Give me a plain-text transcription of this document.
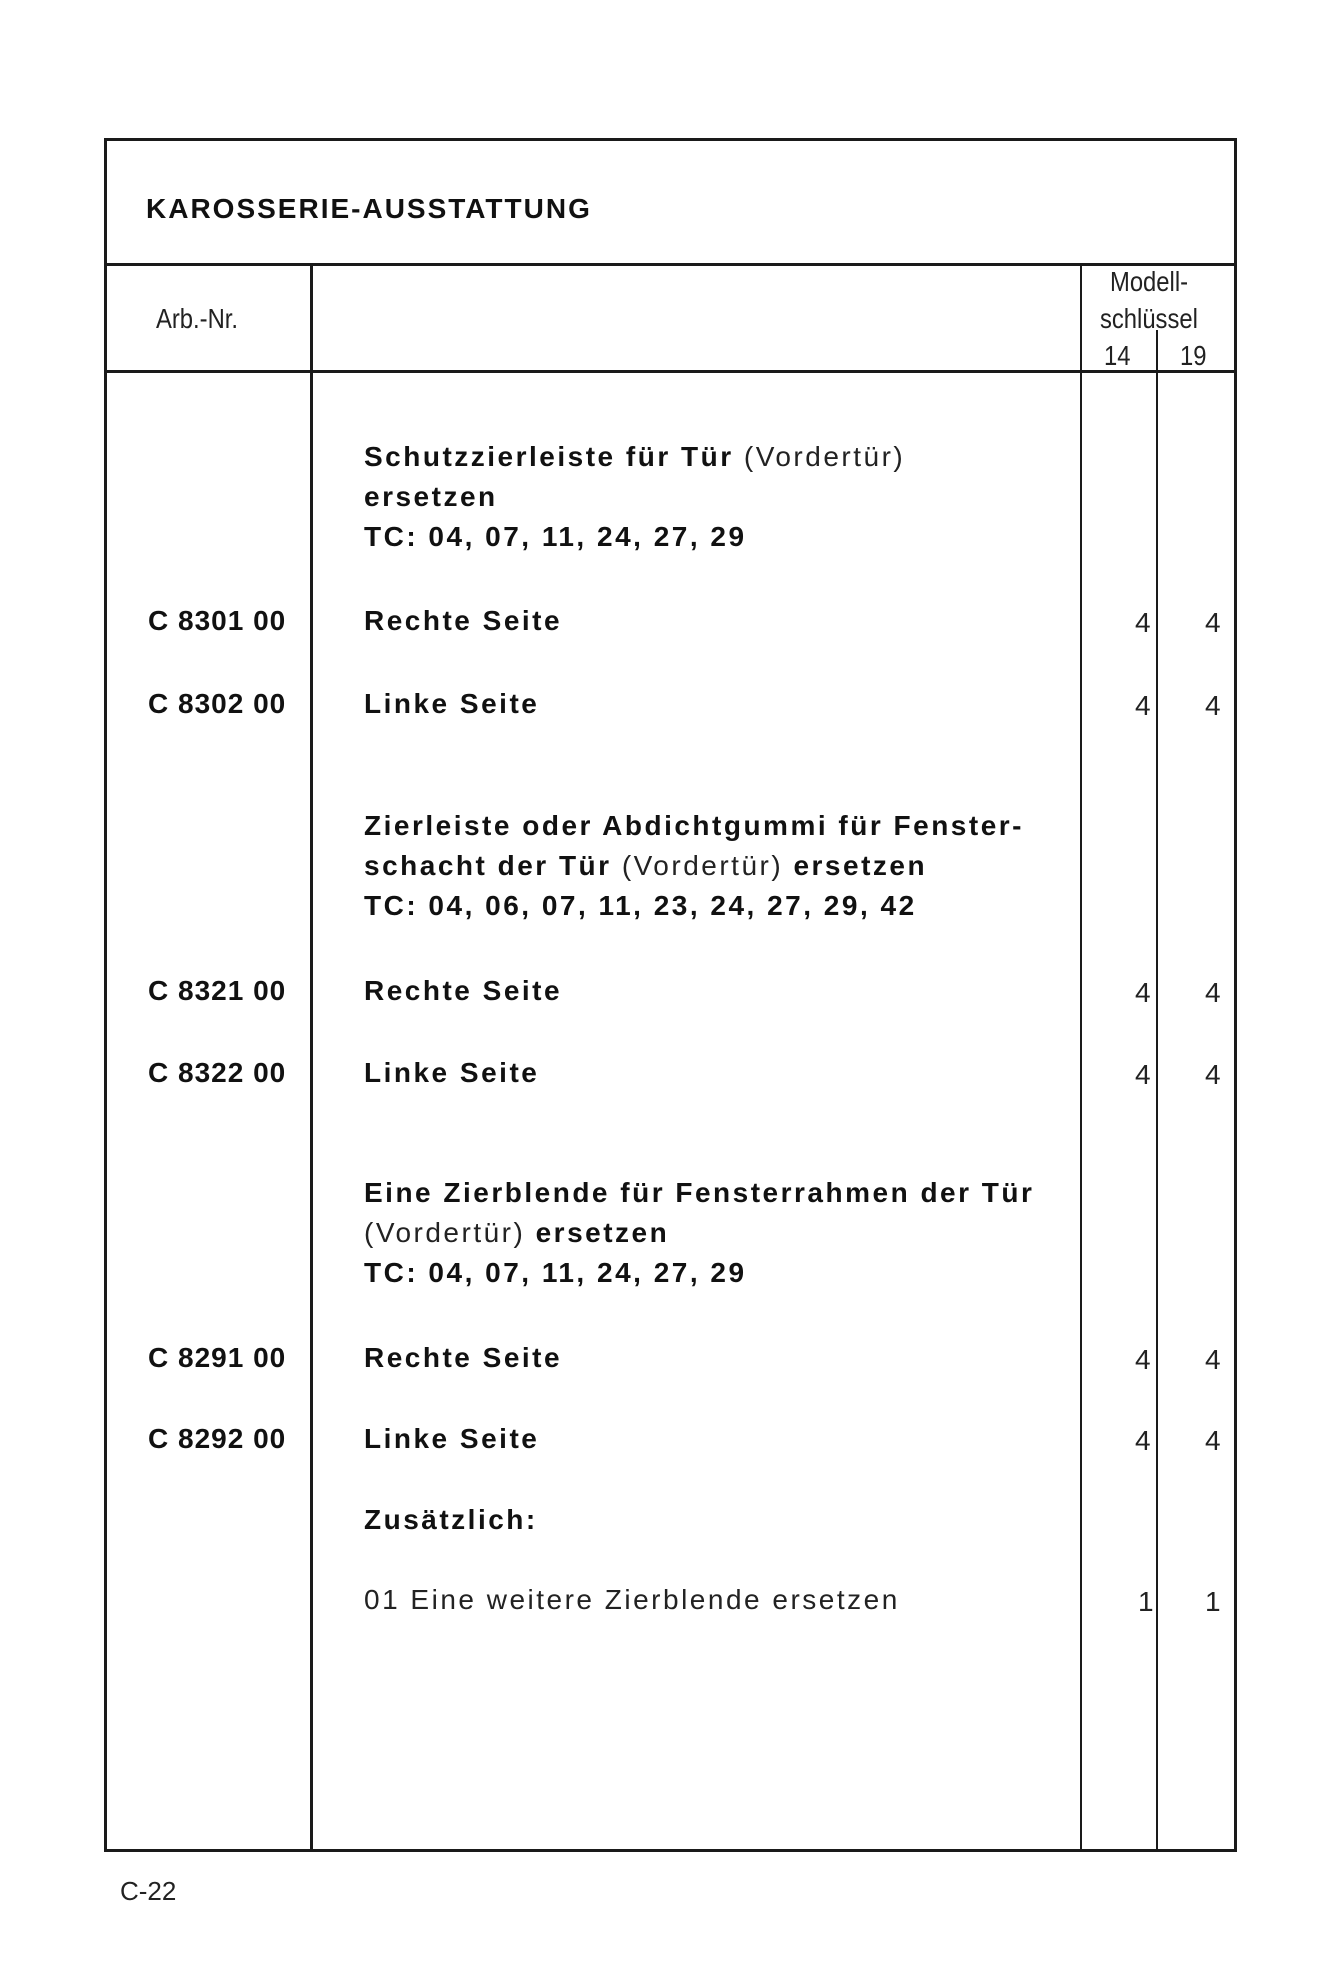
KAROSSERIE-AUSSTATTUNG
Arb.-Nr.
Modell-
schlüssel
14 19
Schutzzierleiste für Tür (Vordertür)
ersetzen
TC: 04, 07, 11, 24, 27, 29
C 8301 00	Rechte Seite	4 4
C 8302 00	Linke Seite	4 4
Zierleiste oder Abdichtgummi für Fenster-
schacht der Tür (Vordertür) ersetzen
TC: 04, 06, 07, 11, 23, 24, 27, 29, 42
C 8321 00	Rechte Seite	4 4
C 8322 00	Linke Seite	4 4
Eine Zierblende für Fensterrahmen der Tür
(Vordertür) ersetzen
TC: 04, 07, 11, 24, 27, 29
C 8291 00	Rechte Seite	4 4
C 8292 00	Linke Seite	4 4
Zusätzlich:
01 Eine weitere Zierblende ersetzen	1 1
C-22
